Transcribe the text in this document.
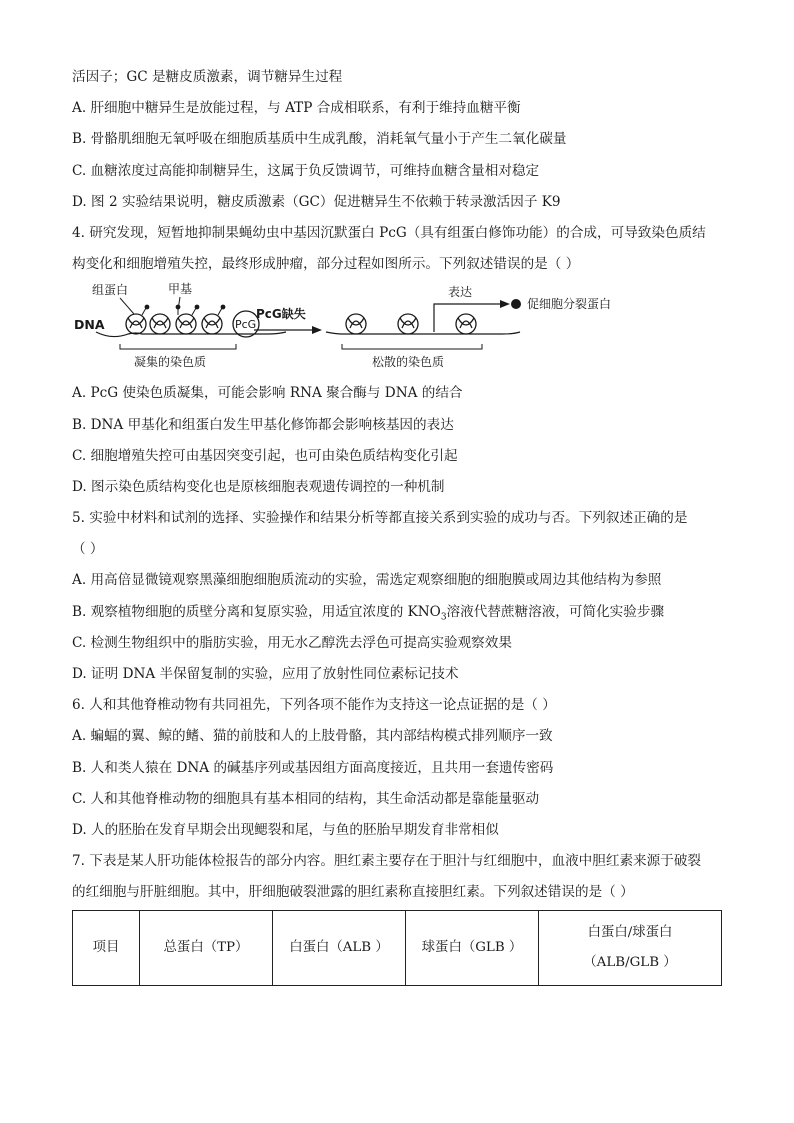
活因子；GC 是糖皮质激素，调节糖异生过程
A. 肝细胞中糖异生是放能过程，与 ATP 合成相联系，有利于维持血糖平衡
B. 骨骼肌细胞无氧呼吸在细胞质基质中生成乳酸，消耗氧气量小于产生二氧化碳量
C. 血糖浓度过高能抑制糖异生，这属于负反馈调节，可维持血糖含量相对稳定
D. 图 2 实验结果说明，糖皮质激素（GC）促进糖异生不依赖于转录激活因子 K9
4. 研究发现，短暂地抑制果蝇幼虫中基因沉默蛋白 PcG（具有组蛋白修饰功能）的合成，可导致染色质结
构变化和细胞增殖失控，最终形成肿瘤，部分过程如图所示。下列叙述错误的是（ ）
组蛋白	甲基
DNA	PcG
凝集的染色质
PcG缺失
表达
促细胞分裂蛋白
松散的染色质
A. PcG 使染色质凝集，可能会影响 RNA 聚合酶与 DNA 的结合
B. DNA 甲基化和组蛋白发生甲基化修饰都会影响核基因的表达
C. 细胞增殖失控可由基因突变引起，也可由染色质结构变化引起
D. 图示染色质结构变化也是原核细胞表观遗传调控的一种机制
5. 实验中材料和试剂的选择、实验操作和结果分析等都直接关系到实验的成功与否。下列叙述正确的是
（ ）
A. 用高倍显微镜观察黑藻细胞细胞质流动的实验，需选定观察细胞的细胞膜或周边其他结构为参照
B. 观察植物细胞的质壁分离和复原实验，用适宜浓度的 $KNO_3$溶液代替蔗糖溶液，可简化实验步骤
C. 检测生物组织中的脂肪实验，用无水乙醇洗去浮色可提高实验观察效果
D. 证明 DNA 半保留复制的实验，应用了放射性同位素标记技术
6. 人和其他脊椎动物有共同祖先，下列各项不能作为支持这一论点证据的是（ ）
A. 蝙蝠的翼、鲸的鳍、猫的前肢和人的上肢骨骼，其内部结构模式排列顺序一致
B. 人和类人猿在 DNA 的碱基序列或基因组方面高度接近，且共用一套遗传密码
C. 人和其他脊椎动物的细胞具有基本相同的结构，其生命活动都是靠能量驱动
D. 人的胚胎在发育早期会出现鳃裂和尾，与鱼的胚胎早期发育非常相似
7. 下表是某人肝功能体检报告的部分内容。胆红素主要存在于胆汁与红细胞中，血液中胆红素来源于破裂
的红细胞与肝脏细胞。其中，肝细胞破裂泄露的胆红素称直接胆红素。下列叙述错误的是（ ）
项目	总蛋白（TP）	白蛋白（ALB ）	球蛋白（GLB ）	
白蛋白/球蛋白
（ALB/GLB ）
